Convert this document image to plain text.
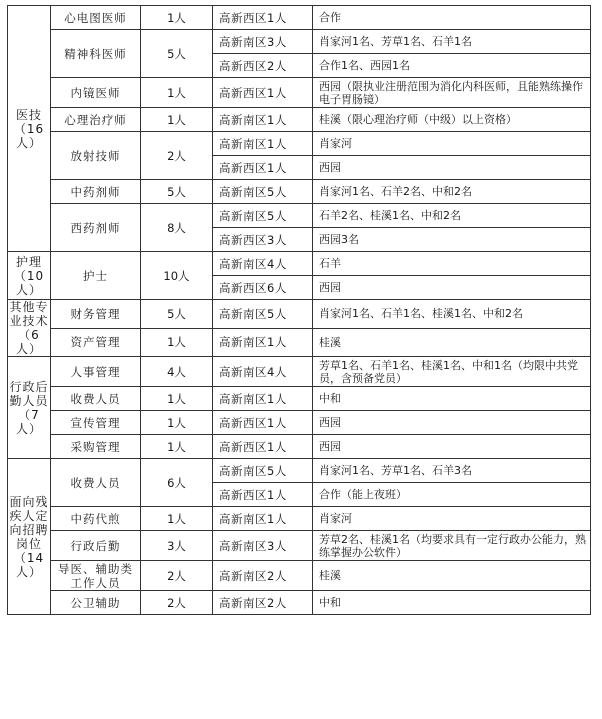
医技（16人）	心电图医师	1人	高新西区1人	合作
	精神科医师	5人	高新南区3人	肖家河1名、芳草1名、石羊1名
			高新西区2人	合作1名、西园1名
	内镜医师	1人	高新西区1人	西园（限执业注册范围为消化内科医师，且能熟练操作电子胃肠镜）
	心理治疗师	1人	高新南区1人	桂溪（限心理治疗师（中级）以上资格）
	放射技师	2人	高新南区1人	肖家河
			高新西区1人	西园
	中药剂师	5人	高新南区5人	肖家河1名、石羊2名、中和2名
	西药剂师	8人	高新南区5人	石羊2名、桂溪1名、中和2名
			高新西区3人	西园3名
护理（10人）	护士	10人	高新南区4人	石羊
			高新西区6人	西园
其他专业技术（6人）	财务管理	5人	高新南区5人	肖家河1名、石羊1名、桂溪1名、中和2名
	资产管理	1人	高新南区1人	桂溪
行政后勤人员（7人）	人事管理	4人	高新南区4人	芳草1名、石羊1名、桂溪1名、中和1名（均限中共党员，含预备党员）
	收费人员	1人	高新南区1人	中和
	宣传管理	1人	高新西区1人	西园
	采购管理	1人	高新西区1人	西园
面向残疾人定向招聘岗位（14人）	收费人员	6人	高新南区5人	肖家河1名、芳草1名、石羊3名
			高新西区1人	合作（能上夜班）
	中药代煎	1人	高新南区1人	肖家河
	行政后勤	3人	高新南区3人	芳草2名、桂溪1名（均要求具有一定行政办公能力，熟练掌握办公软件）
	导医、辅助类工作人员	2人	高新南区2人	桂溪
	公卫辅助	2人	高新南区2人	中和
